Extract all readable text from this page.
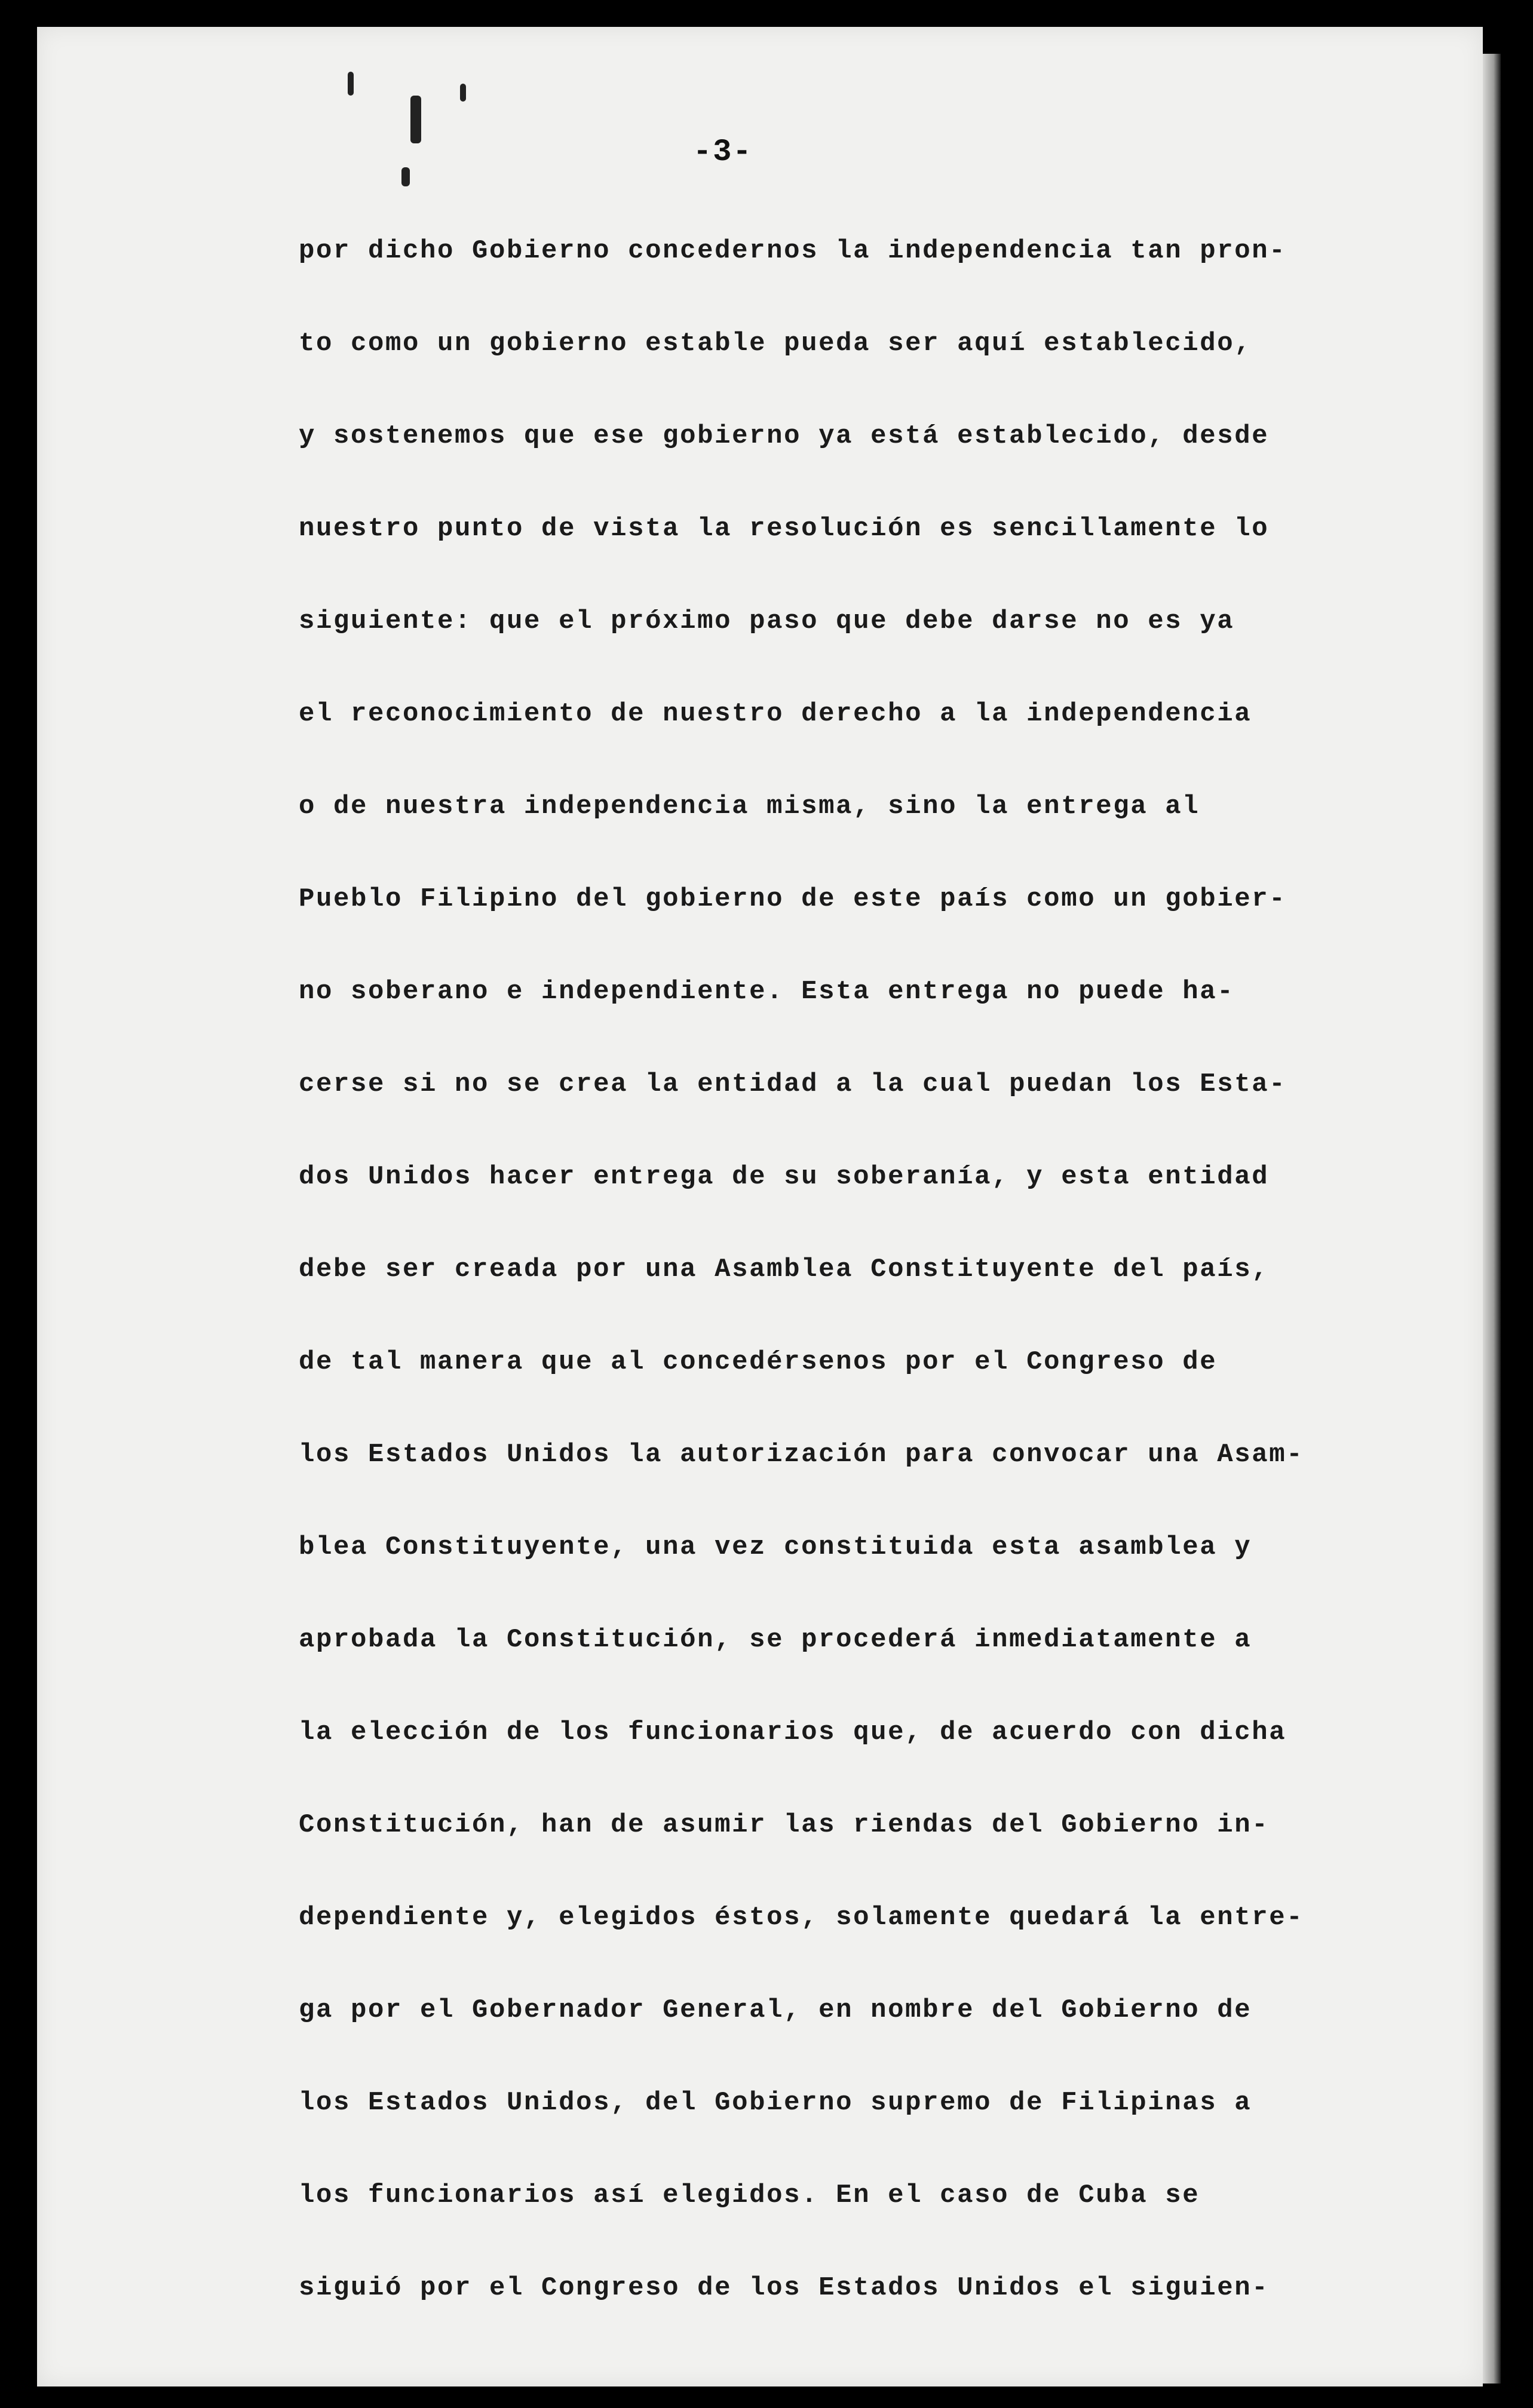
-3-
por dicho Gobierno concedernos la independencia tan pron-
to como un gobierno estable pueda ser aquí establecido,
y sostenemos que ese gobierno ya está establecido, desde
nuestro punto de vista la resolución es sencillamente lo
siguiente: que el próximo paso que debe darse no es ya
el reconocimiento de nuestro derecho a la independencia
o de nuestra independencia misma, sino la entrega al
Pueblo Filipino del gobierno de este país como un gobier-
no soberano e independiente. Esta entrega no puede ha-
cerse si no se crea la entidad a la cual puedan los Esta-
dos Unidos hacer entrega de su soberanía, y esta entidad
debe ser creada por una Asamblea Constituyente del país,
de tal manera que al concedérsenos por el Congreso de
los Estados Unidos la autorización para convocar una Asam-
blea Constituyente, una vez constituida esta asamblea y
aprobada la Constitución, se procederá inmediatamente a
la elección de los funcionarios que, de acuerdo con dicha
Constitución, han de asumir las riendas del Gobierno in-
dependiente y, elegidos éstos, solamente quedará la entre-
ga por el Gobernador General, en nombre del Gobierno de
los Estados Unidos, del Gobierno supremo de Filipinas a
los funcionarios así elegidos. En el caso de Cuba se
siguió por el Congreso de los Estados Unidos el siguien-
